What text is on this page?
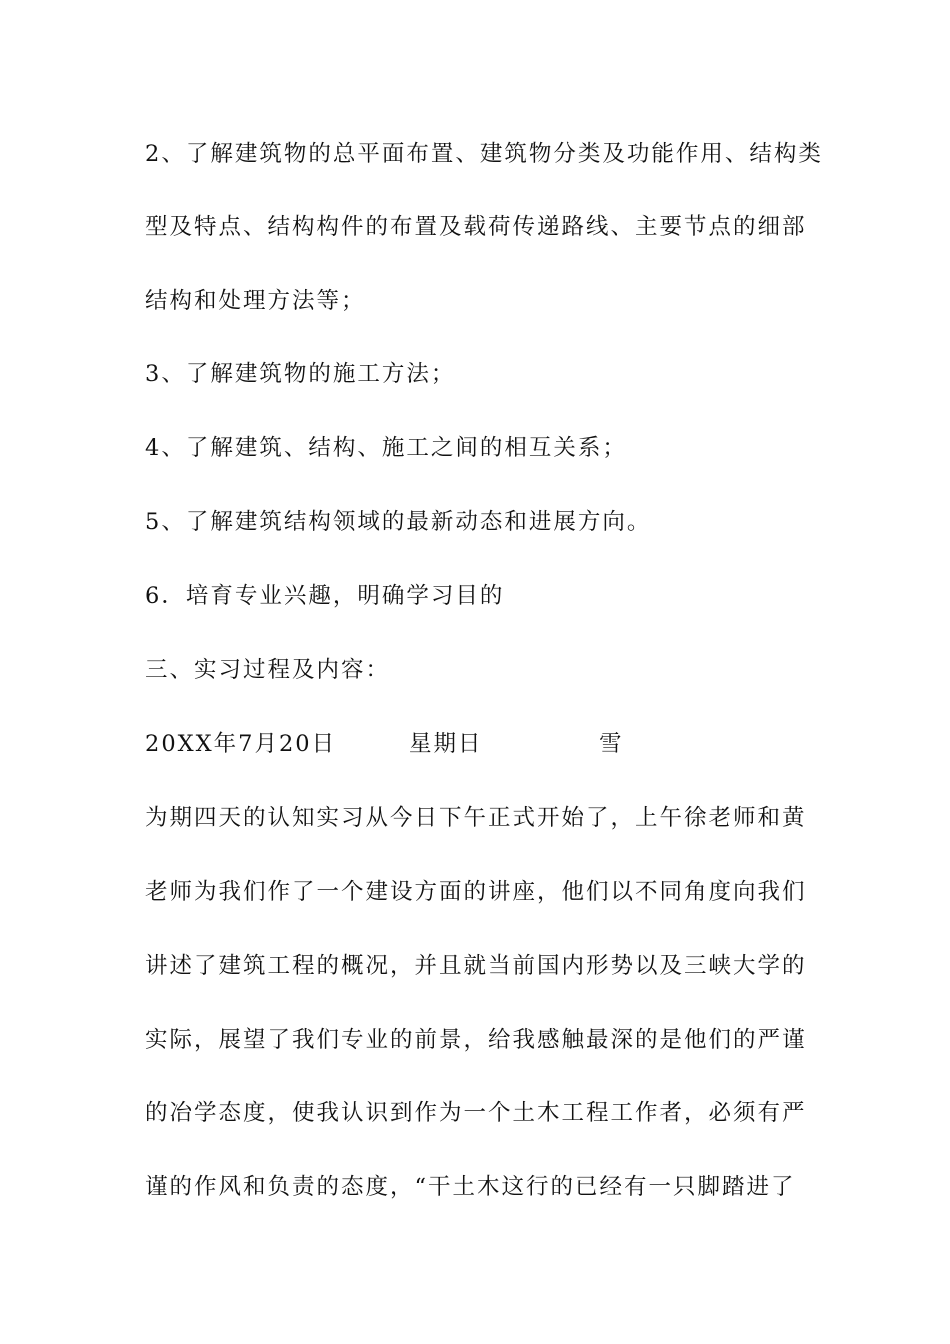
2、了解建筑物的总平面布置、建筑物分类及功能作用、结构类
型及特点、结构构件的布置及载荷传递路线、主要节点的细部
结构和处理方法等；
3、了解建筑物的施工方法；
4、了解建筑、结构、施工之间的相互关系；
5、了解建筑结构领域的最新动态和进展方向。
6．培育专业兴趣，明确学习目的
三、实习过程及内容：
20XX年7月20日	星期日	雪
为期四天的认知实习从今日下午正式开始了，上午徐老师和黄
老师为我们作了一个建设方面的讲座，他们以不同角度向我们
讲述了建筑工程的概况，并且就当前国内形势以及三峡大学的
实际，展望了我们专业的前景，给我感触最深的是他们的严谨
的冶学态度，使我认识到作为一个土木工程工作者，必须有严
谨的作风和负责的态度，“干土木这行的已经有一只脚踏进了
